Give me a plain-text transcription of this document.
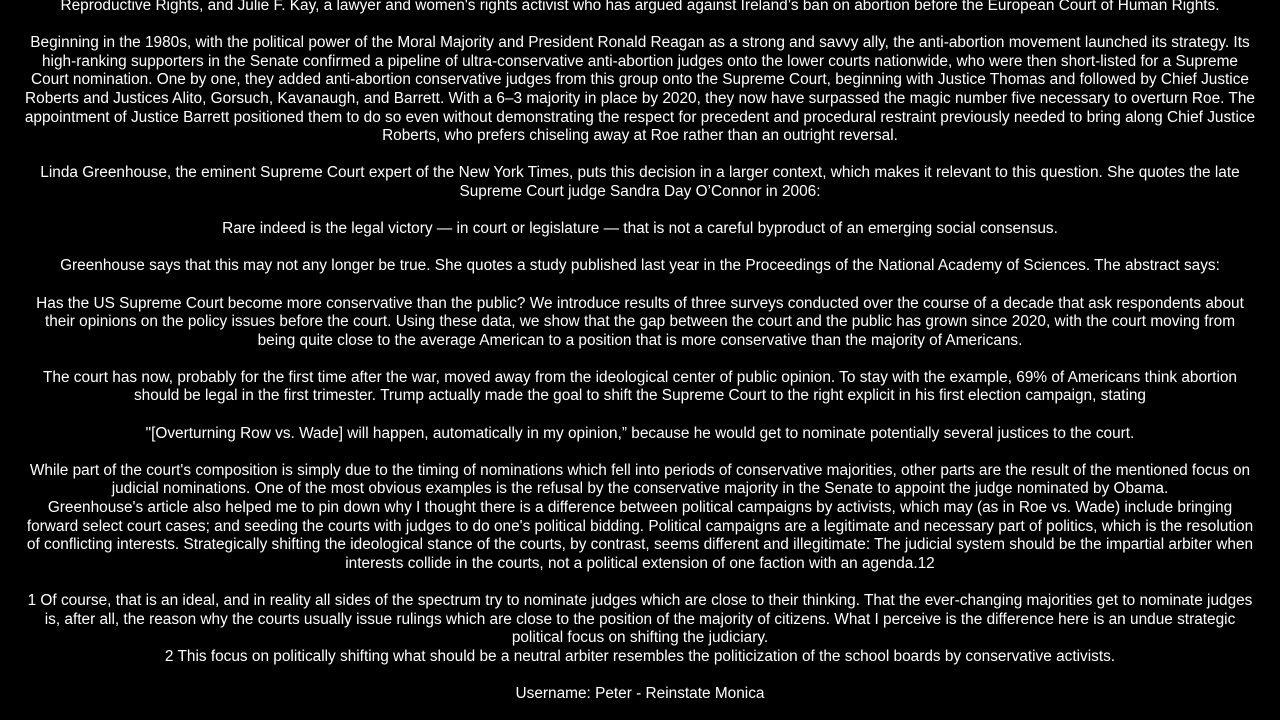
Reproductive Rights, and Julie F. Kay, a lawyer and women's rights activist who has argued against Ireland’s ban on abortion before the European Court of Human Rights.

Beginning in the 1980s, with the political power of the Moral Majority and President Ronald Reagan as a strong and savvy ally, the anti-abortion movement launched its strategy. Its
high-ranking supporters in the Senate confirmed a pipeline of ultra-conservative anti-abortion judges onto the lower courts nationwide, who were then short-listed for a Supreme
Court nomination. One by one, they added anti-abortion conservative judges from this group onto the Supreme Court, beginning with Justice Thomas and followed by Chief Justice
Roberts and Justices Alito, Gorsuch, Kavanaugh, and Barrett. With a 6–3 majority in place by 2020, they now have surpassed the magic number five necessary to overturn Roe. The
appointment of Justice Barrett positioned them to do so even without demonstrating the respect for precedent and procedural restraint previously needed to bring along Chief Justice
Roberts, who prefers chiseling away at Roe rather than an outright reversal.

Linda Greenhouse, the eminent Supreme Court expert of the New York Times, puts this decision in a larger context, which makes it relevant to this question. She quotes the late
Supreme Court judge Sandra Day O’Connor in 2006:

Rare indeed is the legal victory — in court or legislature — that is not a careful byproduct of an emerging social consensus.

Greenhouse says that this may not any longer be true. She quotes a study published last year in the Proceedings of the National Academy of Sciences. The abstract says:

Has the US Supreme Court become more conservative than the public? We introduce results of three surveys conducted over the course of a decade that ask respondents about
their opinions on the policy issues before the court. Using these data, we show that the gap between the court and the public has grown since 2020, with the court moving from
being quite close to the average American to a position that is more conservative than the majority of Americans.

The court has now, probably for the first time after the war, moved away from the ideological center of public opinion. To stay with the example, 69% of Americans think abortion
should be legal in the first trimester. Trump actually made the goal to shift the Supreme Court to the right explicit in his first election campaign, stating

"[Overturning Row vs. Wade] will happen, automatically in my opinion,” because he would get to nominate potentially several justices to the court.

While part of the court's composition is simply due to the timing of nominations which fell into periods of conservative majorities, other parts are the result of the mentioned focus on
judicial nominations. One of the most obvious examples is the refusal by the conservative majority in the Senate to appoint the judge nominated by Obama.
Greenhouse's article also helped me to pin down why I thought there is a difference between political campaigns by activists, which may (as in Roe vs. Wade) include bringing
forward select court cases; and seeding the courts with judges to do one's political bidding. Political campaigns are a legitimate and necessary part of politics, which is the resolution
of conflicting interests. Strategically shifting the ideological stance of the courts, by contrast, seems different and illegitimate: The judicial system should be the impartial arbiter when
interests collide in the courts, not a political extension of one faction with an agenda.12

1 Of course, that is an ideal, and in reality all sides of the spectrum try to nominate judges which are close to their thinking. That the ever-changing majorities get to nominate judges
is, after all, the reason why the courts usually issue rulings which are close to the position of the majority of citizens. What I perceive is the difference here is an undue strategic
political focus on shifting the judiciary.
2 This focus on politically shifting what should be a neutral arbiter resembles the politicization of the school boards by conservative activists.

Username: Peter - Reinstate Monica
